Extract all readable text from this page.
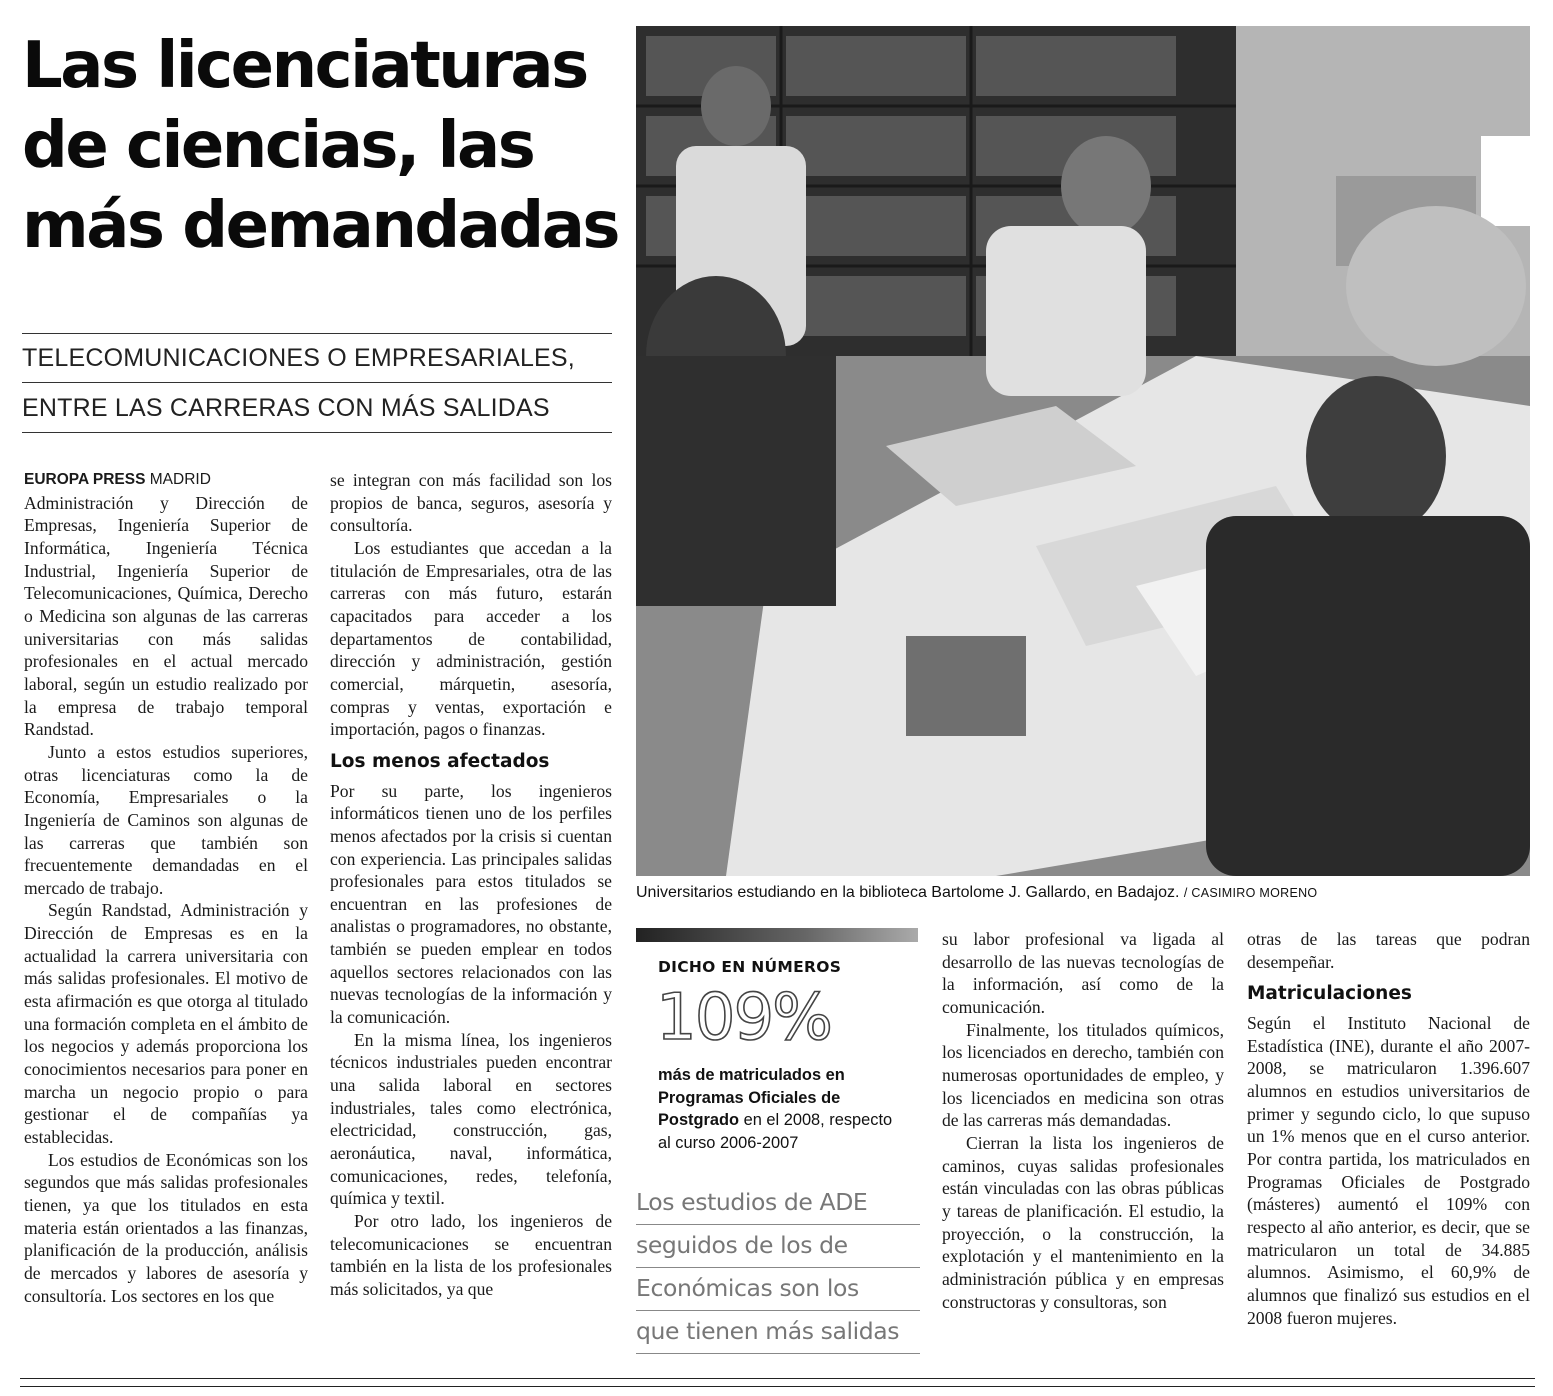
Las licenciaturas de ciencias, las más demandadas
TELECOMUNICACIONES O EMPRESARIALES,
ENTRE LAS CARRERAS CON MÁS SALIDAS
EUROPA PRESS MADRID

Administración y Dirección de Empresas, Ingeniería Superior de Informática, Ingeniería Técnica Industrial, Ingeniería Superior de Telecomunicaciones, Química, Derecho o Medicina son algunas de las carreras universitarias con más salidas profesionales en el actual mercado laboral, según un estudio realizado por la empresa de trabajo temporal Randstad.

Junto a estos estudios superiores, otras licenciaturas como la de Economía, Empresariales o la Ingeniería de Caminos son algunas de las carreras que también son frecuentemente demandadas en el mercado de trabajo.

Según Randstad, Administración y Dirección de Empresas es en la actualidad la carrera universitaria con más salidas profesionales. El motivo de esta afirmación es que otorga al titulado una formación completa en el ámbito de los negocios y además proporciona los conocimientos necesarios para poner en marcha un negocio propio o para gestionar el de compañías ya establecidas.

Los estudios de Económicas son los segundos que más salidas profesionales tienen, ya que los titulados en esta materia están orientados a las finanzas, planificación de la producción, análisis de mercados y labores de asesoría y consultoría. Los sectores en los que

se integran con más facilidad son los propios de banca, seguros, asesoría y consultoría.

Los estudiantes que accedan a la titulación de Empresariales, otra de las carreras con más futuro, estarán capacitados para acceder a los departamentos de contabilidad, dirección y administración, gestión comercial, márquetin, asesoría, compras y ventas, exportación e importación, pagos o finanzas.

Los menos afectados

Por su parte, los ingenieros informáticos tienen uno de los perfiles menos afectados por la crisis si cuentan con experiencia. Las principales salidas profesionales para estos titulados se encuentran en las profesiones de analistas o programadores, no obstante, también se pueden emplear en todos aquellos sectores relacionados con las nuevas tecnologías de la información y la comunicación.

En la misma línea, los ingenieros técnicos industriales pueden encontrar una salida laboral en sectores industriales, tales como electrónica, electricidad, construcción, gas, aeronáutica, naval, informática, comunicaciones, redes, telefonía, química y textil.

Por otro lado, los ingenieros de telecomunicaciones se encuentran también en la lista de los profesionales más solicitados, ya que

Universitarios estudiando en la biblioteca Bartolome J. Gallardo, en Badajoz. / CASIMIRO MORENO
DICHO EN NÚMEROS
109%
más de matriculados en Programas Oficiales de Postgrado en el 2008, respecto al curso 2006-2007
Los estudios de ADE
seguidos de los de
Económicas son los
que tienen más salidas

su labor profesional va ligada al desarrollo de las nuevas tecnologías de la información, así como de la comunicación.

Finalmente, los titulados químicos, los licenciados en derecho, también con numerosas oportunidades de empleo, y los licenciados en medicina son otras de las carreras más demandadas.

Cierran la lista los ingenieros de caminos, cuyas salidas profesionales están vinculadas con las obras públicas y tareas de planificación. El estudio, la proyección, o la construcción, la explotación y el mantenimiento en la administración pública y en empresas constructoras y consultoras, son

otras de las tareas que podran desempeñar.

Matriculaciones

Según el Instituto Nacional de Estadística (INE), durante el año 2007-2008, se matricularon 1.396.607 alumnos en estudios universitarios de primer y segundo ciclo, lo que supuso un 1% menos que en el curso anterior. Por contra partida, los matriculados en Programas Oficiales de Postgrado (másteres) aumentó el 109% con respecto al año anterior, es decir, que se matricularon un total de 34.885 alumnos. Asimismo, el 60,9% de alumnos que finalizó sus estudios en el 2008 fueron mujeres.
